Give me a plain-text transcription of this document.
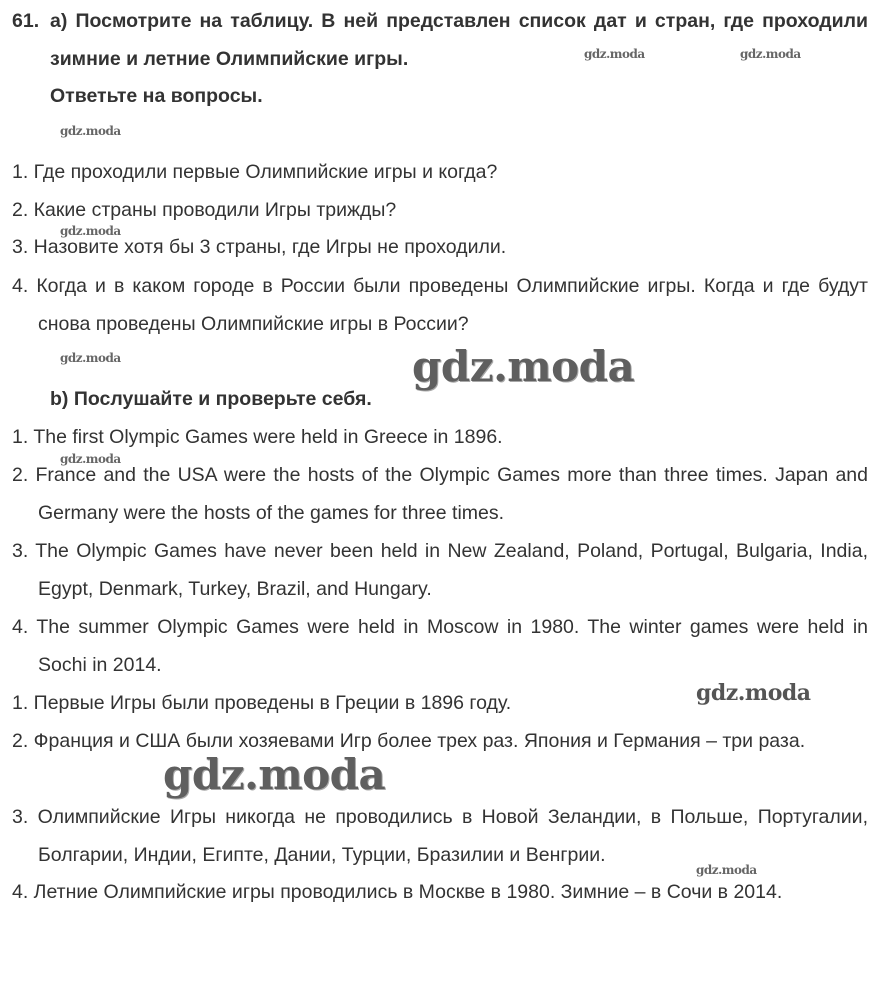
61. a) Посмотрите на таблицу. В ней представлен список дат и стран, где проходили зимние и летние Олимпийские игры.
Ответьте на вопросы.
1. Где проходили первые Олимпийские игры и когда?
2. Какие страны проводили Игры трижды?
3. Назовите хотя бы 3 страны, где Игры не проходили.
4. Когда и в каком городе в России были проведены Олимпийские игры. Когда и где будут снова проведены Олимпийские игры в России?
b) Послушайте и проверьте себя.
1. The first Olympic Games were held in Greece in 1896.
2. France and the USA were the hosts of the Olympic Games more than three times. Japan and Germany were the hosts of the games for three times.
3. The Olympic Games have never been held in New Zealand, Poland, Portugal, Bulgaria, India, Egypt, Denmark, Turkey, Brazil, and Hungary.
4. The summer Olympic Games were held in Moscow in 1980. The winter games were held in Sochi in 2014.
1. Первые Игры были проведены в Греции в 1896 году.
2. Франция и США были хозяевами Игр более трех раз. Япония и Германия – три раза.
3. Олимпийские Игры никогда не проводились в Новой Зеландии, в Польше, Португалии, Болгарии, Индии, Египте, Дании, Турции, Бразилии и Венгрии.
4. Летние Олимпийские игры проводились в Москве в 1980. Зимние – в Сочи в 2014.
gdz.moda	gdz.moda
gdz.moda
gdz.moda
gdz.moda
gdz.moda
gdz.moda
gdz.moda
gdz.moda
gdz.moda
